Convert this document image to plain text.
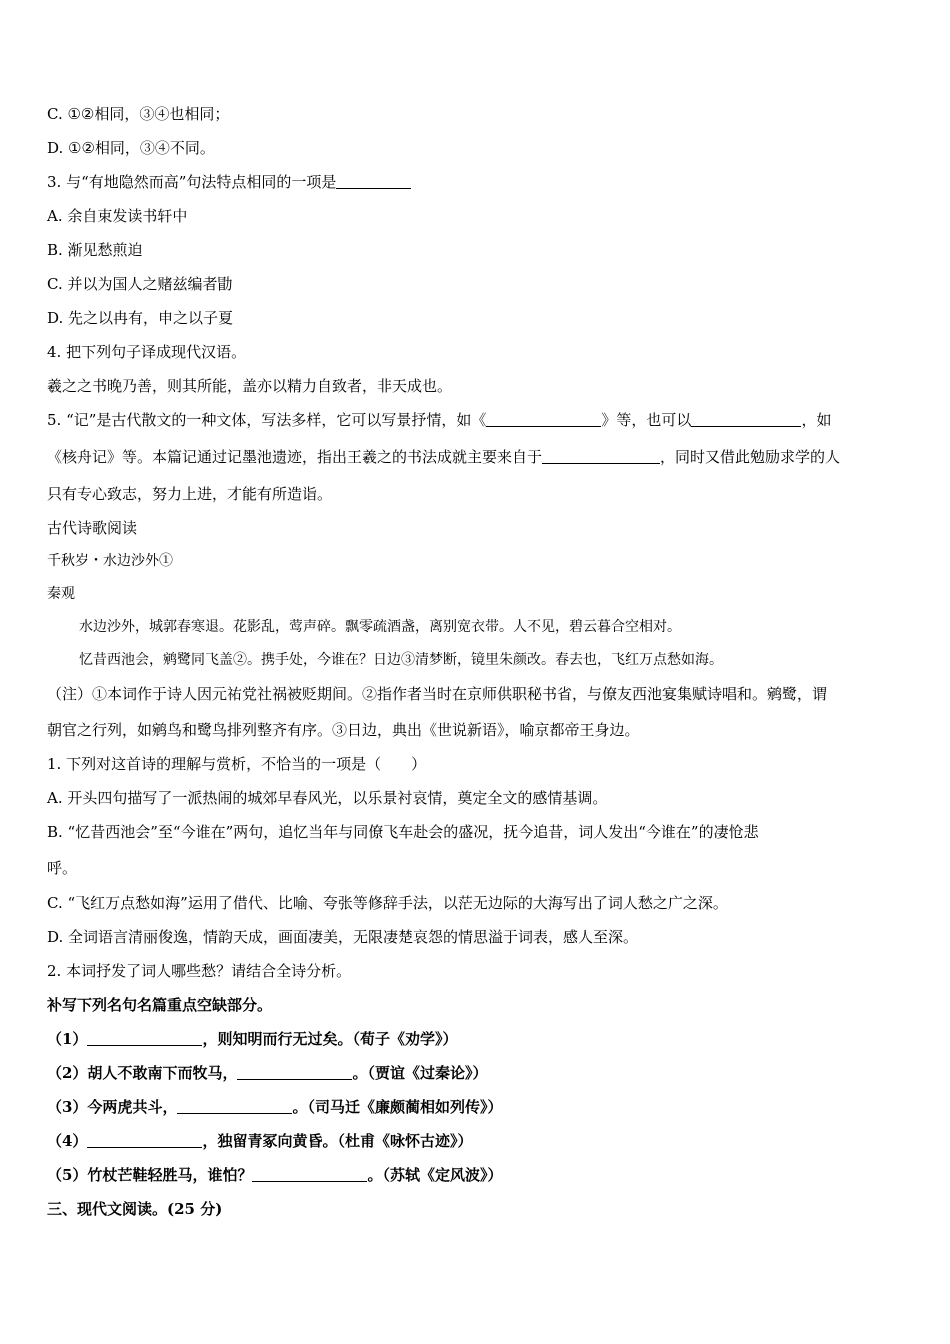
C. ①②相同，③④也相同；
D. ①②相同，③④不同。
3. 与“有地隐然而高”句法特点相同的一项是
A. 余自束发读书轩中
B. 渐见愁煎迫
C. 并以为国人之赌兹编者勖
D. 先之以冉有，申之以子夏
4. 把下列句子译成现代汉语。
羲之之书晚乃善，则其所能，盖亦以精力自致者，非天成也。
5. “记”是古代散文的一种文体，写法多样，它可以写景抒情，如《	》等，也可以	，如
《核舟记》等。本篇记通过记墨池遗迹，指出王羲之的书法成就主要来自于	，同时又借此勉励求学的人
只有专心致志，努力上进，才能有所造诣。
古代诗歌阅读
千秋岁・水边沙外①
秦观
水边沙外，城郭春寒退。花影乱，莺声碎。飘零疏酒盏，离别宽衣带。人不见，碧云暮合空相对。
忆昔西池会，鹓鹭同飞盖②。携手处，今谁在？日边③清梦断，镜里朱颜改。春去也，飞红万点愁如海。
（注）①本词作于诗人因元祐党社祸被贬期间。②指作者当时在京师供职秘书省，与僚友西池宴集赋诗唱和。鹓鹭，谓
朝官之行列，如鹓鸟和鹭鸟排列整齐有序。③日边，典出《世说新语》，喻京都帝王身边。
1. 下列对这首诗的理解与赏析，不恰当的一项是（　　）
A. 开头四句描写了一派热闹的城郊早春风光，以乐景衬哀情，奠定全文的感情基调。
B. “忆昔西池会”至“今谁在”两句，追忆当年与同僚飞车赴会的盛况，抚今追昔，词人发出“今谁在”的凄怆悲
呼。
C. “飞红万点愁如海”运用了借代、比喻、夸张等修辞手法，以茫无边际的大海写出了词人愁之广之深。
D. 全词语言清丽俊逸，情韵天成，画面凄美，无限凄楚哀怨的情思溢于词表，感人至深。
2. 本词抒发了词人哪些愁？请结合全诗分析。
补写下列名句名篇重点空缺部分。
（1）	，则知明而行无过矣。（荀子《劝学》）
（2）胡人不敢南下而牧马，	。（贾谊《过秦论》）
（3）今两虎共斗，	。（司马迁《廉颇蔺相如列传》）
（4）	，独留青冢向黄昏。（杜甫《咏怀古迹》）
（5）竹杖芒鞋轻胜马，谁怕？	。（苏轼《定风波》）
三、现代文阅读。(25 分)
